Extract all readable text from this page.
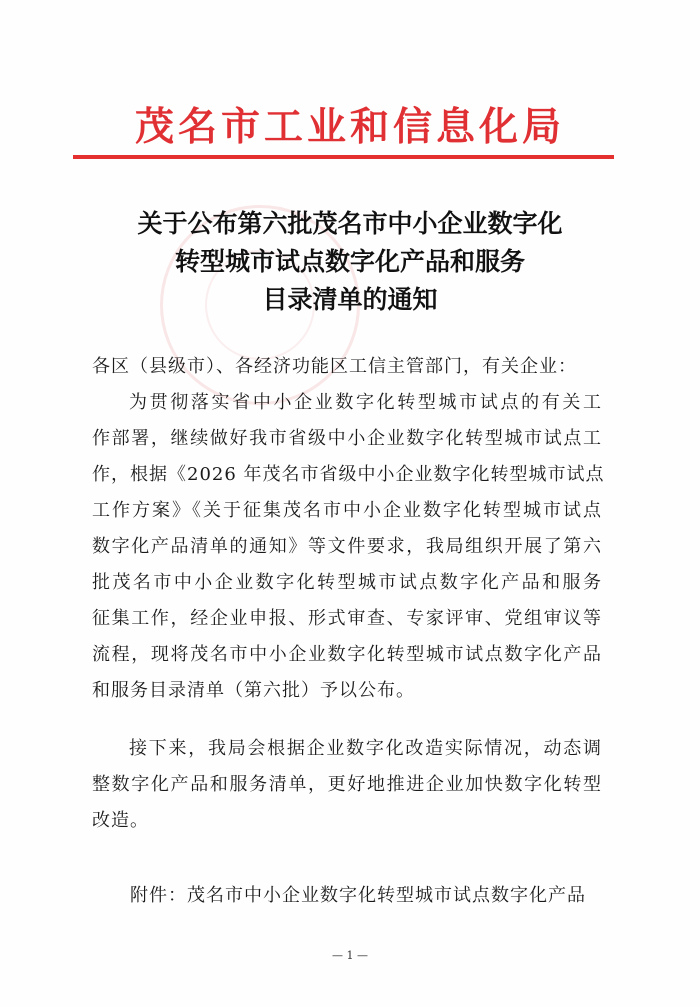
茂名市工业和信息化局
关于公布第六批茂名市中小企业数字化
转型城市试点数字化产品和服务
目录清单的通知
各区（县级市）、各经济功能区工信主管部门，有关企业：
为贯彻落实省中小企业数字化转型城市试点的有关工
作部署，继续做好我市省级中小企业数字化转型城市试点工
作，根据《2026 年茂名市省级中小企业数字化转型城市试点
工作方案》《关于征集茂名市中小企业数字化转型城市试点
数字化产品清单的通知》等文件要求，我局组织开展了第六
批茂名市中小企业数字化转型城市试点数字化产品和服务
征集工作，经企业申报、形式审查、专家评审、党组审议等
流程，现将茂名市中小企业数字化转型城市试点数字化产品
和服务目录清单（第六批）予以公布。
接下来，我局会根据企业数字化改造实际情况，动态调
整数字化产品和服务清单，更好地推进企业加快数字化转型
改造。
附件：茂名市中小企业数字化转型城市试点数字化产品
— 1 —
